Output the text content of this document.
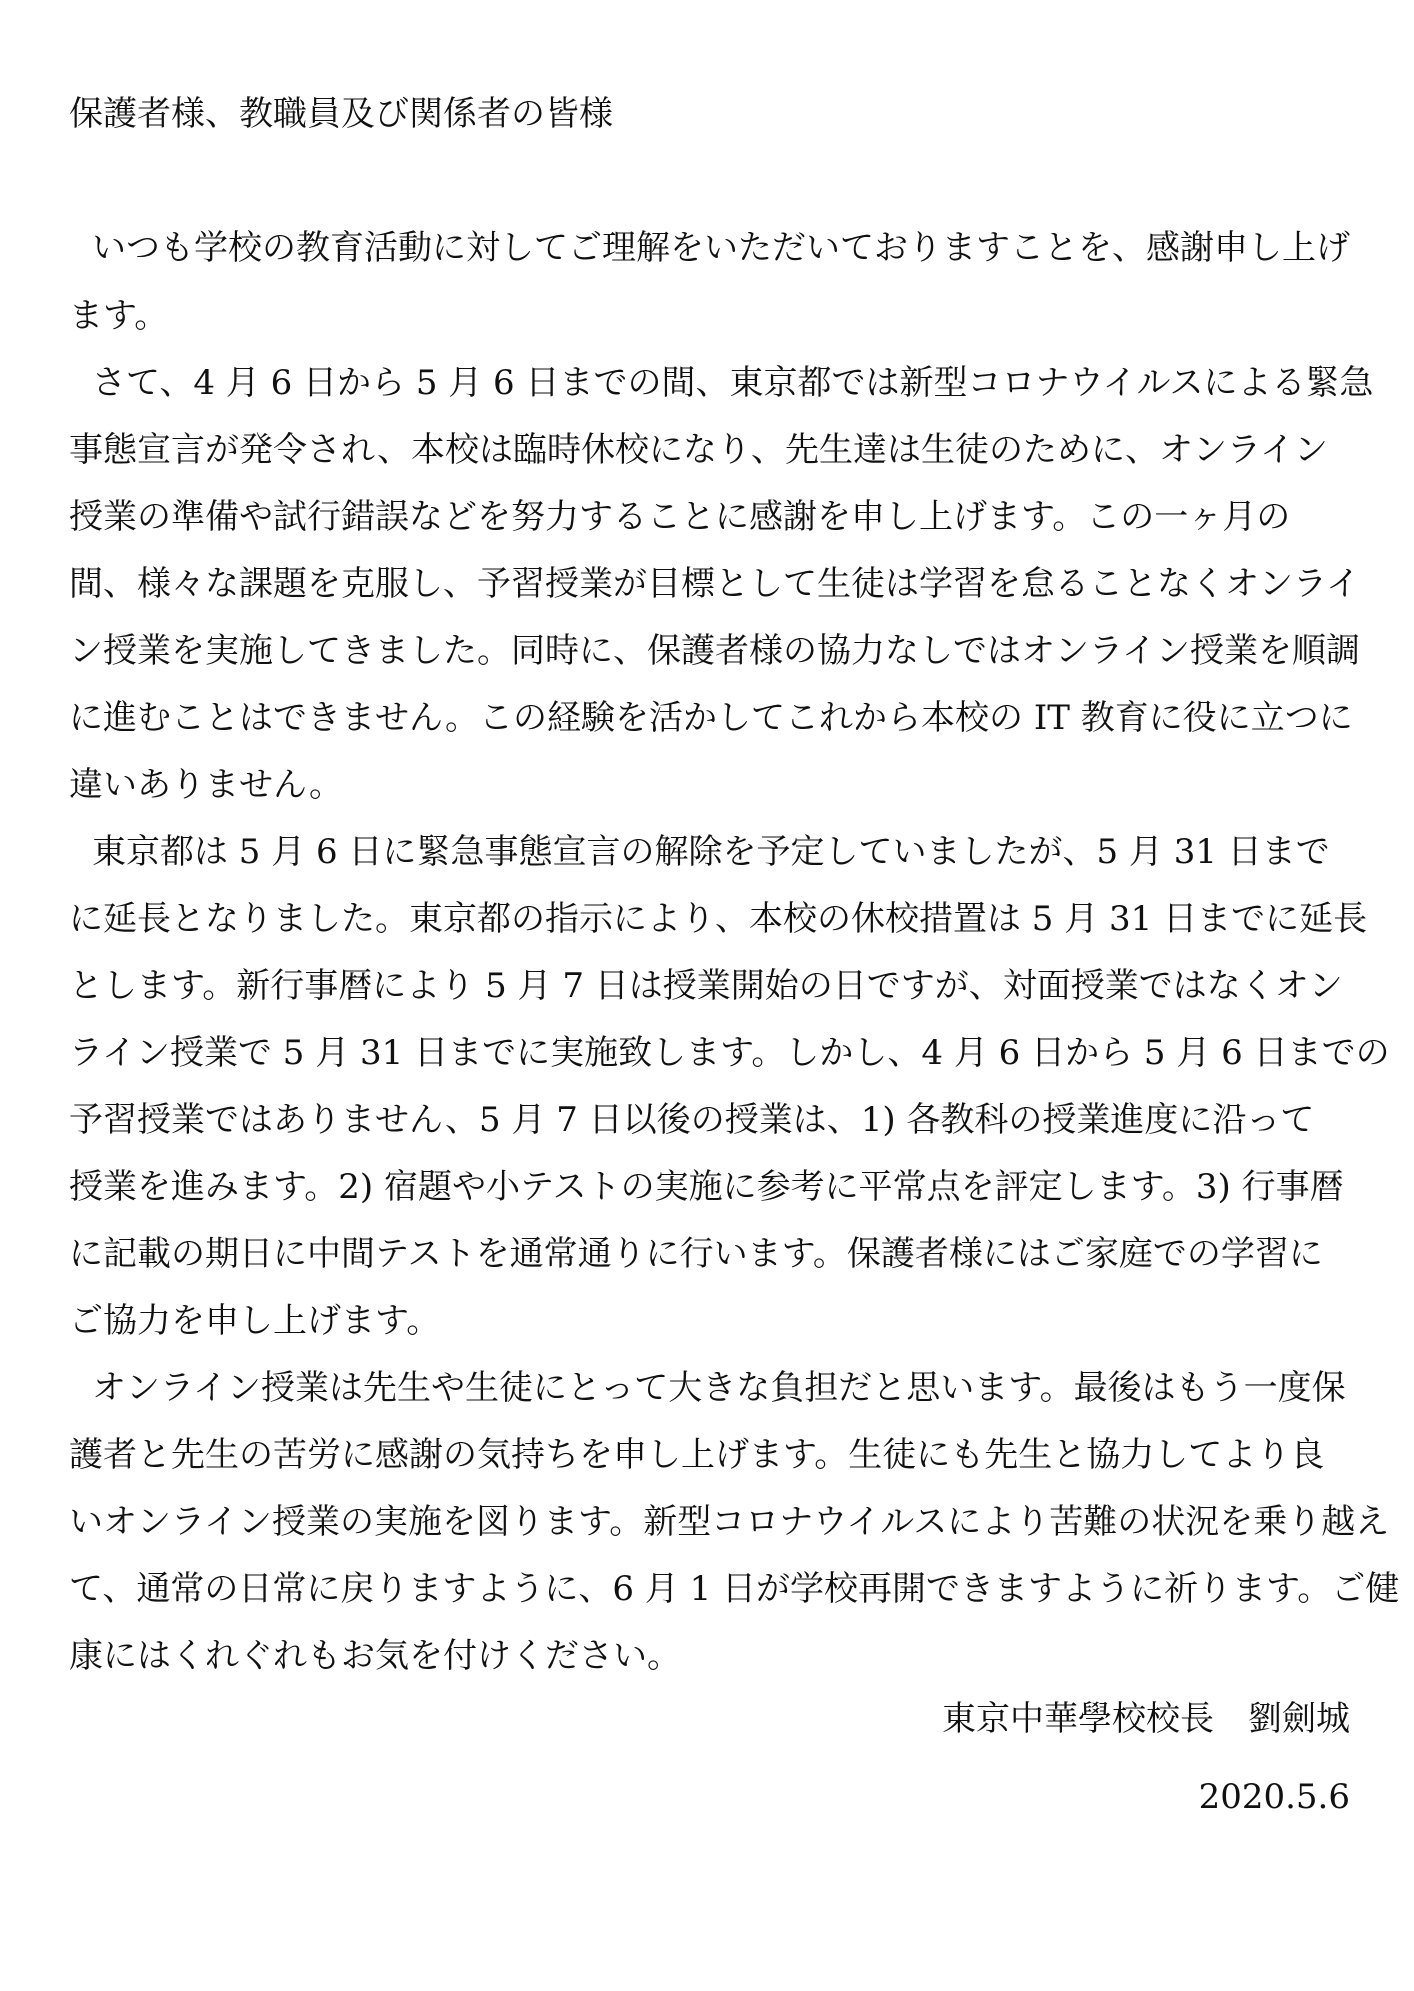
保護者様、教職員及び関係者の皆様
いつも学校の教育活動に対してご理解をいただいておりますことを、感謝申し上げ
ます。
さて、4 月 6 日から 5 月 6 日までの間、東京都では新型コロナウイルスによる緊急
事態宣言が発令され、本校は臨時休校になり、先生達は生徒のために、オンライン
授業の準備や試行錯誤などを努力することに感謝を申し上げます。この一ヶ月の
間、様々な課題を克服し、予習授業が目標として生徒は学習を怠ることなくオンライ
ン授業を実施してきました。同時に、保護者様の協力なしではオンライン授業を順調
に進むことはできません。この経験を活かしてこれから本校の IT 教育に役に立つに
違いありません。
東京都は 5 月 6 日に緊急事態宣言の解除を予定していましたが、5 月 31 日まで
に延長となりました。東京都の指示により、本校の休校措置は 5 月 31 日までに延長
とします。新行事暦により 5 月 7 日は授業開始の日ですが、対面授業ではなくオン
ライン授業で 5 月 31 日までに実施致します。しかし、4 月 6 日から 5 月 6 日までの
予習授業ではありません、5 月 7 日以後の授業は、1) 各教科の授業進度に沿って
授業を進みます。2) 宿題や小テストの実施に参考に平常点を評定します。3) 行事暦
に記載の期日に中間テストを通常通りに行います。保護者様にはご家庭での学習に
ご協力を申し上げます。
オンライン授業は先生や生徒にとって大きな負担だと思います。最後はもう一度保
護者と先生の苦労に感謝の気持ちを申し上げます。生徒にも先生と協力してより良
いオンライン授業の実施を図ります。新型コロナウイルスにより苦難の状況を乗り越え
て、通常の日常に戻りますように、6 月 1 日が学校再開できますように祈ります。ご健
康にはくれぐれもお気を付けください。
東京中華學校校長　劉劍城
2020.5.6
